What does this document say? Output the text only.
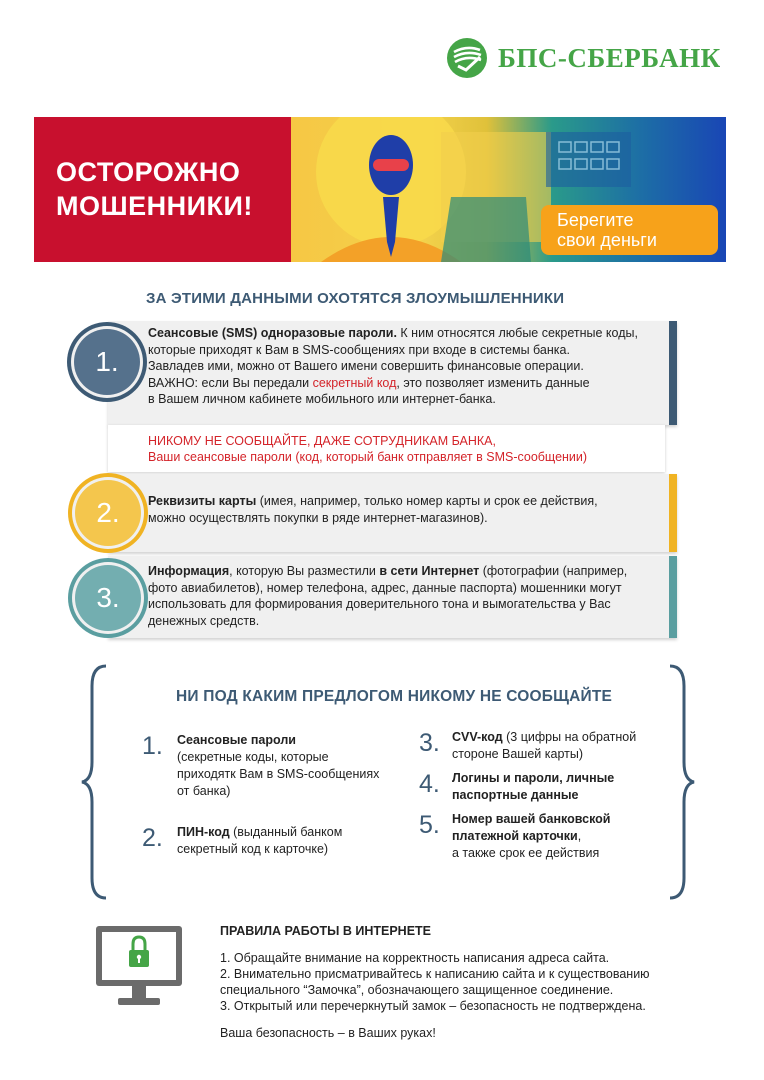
БПС-СБЕРБАНК
ОСТОРОЖНО
МОШЕННИКИ!	Берегите
свои деньги
ЗА ЭТИМИ ДАННЫМИ ОХОТЯТСЯ ЗЛОУМЫШЛЕННИКИ
1.
Сеансовые (SMS) одноразовые пароли. К ним относятся любые секретные коды,
которые приходят к Вам в SMS-сообщениях при входе в системы банка.
Завладев ими, можно от Вашего имени совершить финансовые операции.
ВАЖНО: если Вы передали секретный код, это позволяет изменить данные
в Вашем личном кабинете мобильного или интернет-банка.
НИКОМУ НЕ СООБЩАЙТЕ, ДАЖЕ СОТРУДНИКАМ БАНКА,
Ваши сеансовые пароли (код, который банк отправляет в SMS-сообщении)
2.	Реквизиты карты (имея, например, только номер карты и срок ее действия,
можно осуществлять покупки в ряде интернет-магазинов).
3.
Информация, которую Вы разместили в сети Интернет (фотографии (например,
фото авиабилетов), номер телефона, адрес, данные паспорта) мошенники могут
использовать для формирования доверительного тона и вымогательства у Вас
денежных средств.
НИ ПОД КАКИМ ПРЕДЛОГОМ НИКОМУ НЕ СООБЩАЙТЕ
1. Сеансовые пароли
(секретные коды, которые
приходятк Вам в SMS-сообщениях
от банка)
2. ПИН-код (выданный банком
секретный код к карточке)
3. CVV-код (3 цифры на обратной
стороне Вашей карты)
4. Логины и пароли, личные
паспортные данные
5. Номер вашей банковской
платежной карточки,
а также срок ее действия
ПРАВИЛА РАБОТЫ В ИНТЕРНЕТЕ
1. Обращайте внимание на корректность написания адреса сайта.
2. Внимательно присматривайтесь к написанию сайта и к существованию
специального “Замочка”, обозначающего защищенное соединение.
3. Открытый или перечеркнутый замок – безопасность не подтверждена.
Ваша безопасность – в Ваших руках!
